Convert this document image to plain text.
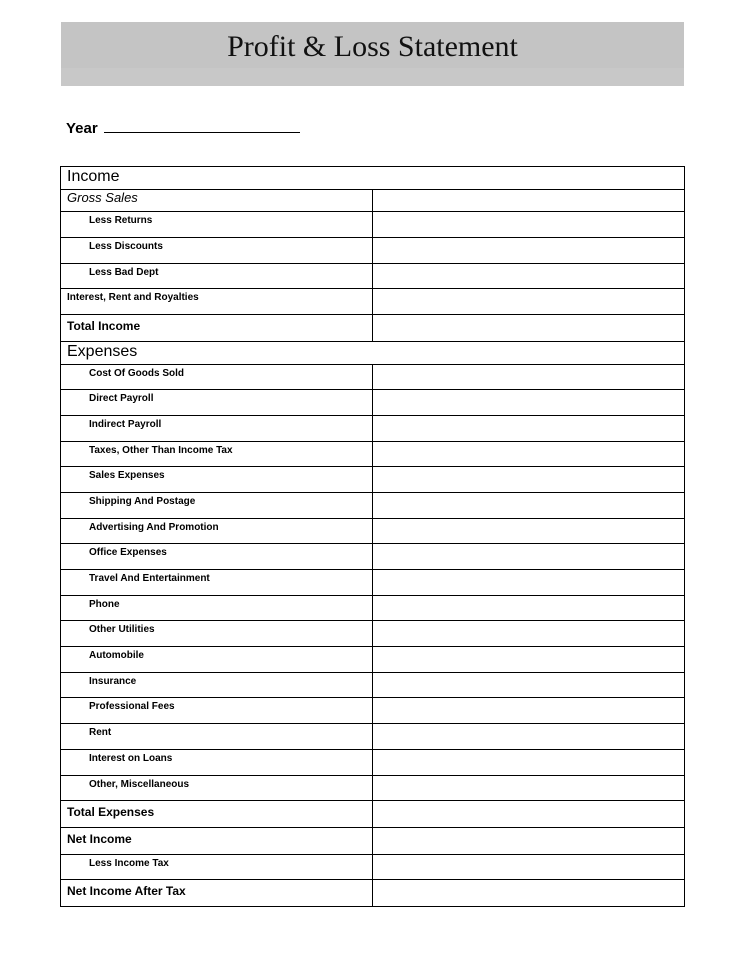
Profit & Loss Statement
Year
Income	
Gross Sales	
Less Returns	
Less Discounts	
Less Bad Dept	
Interest, Rent and Royalties	
Total Income	
Expenses	
Cost Of Goods Sold	
Direct Payroll	
Indirect Payroll	
Taxes, Other Than Income Tax	
Sales Expenses	
Shipping And Postage	
Advertising And Promotion	
Office Expenses	
Travel And Entertainment	
Phone	
Other Utilities	
Automobile	
Insurance	
Professional Fees	
Rent	
Interest on Loans	
Other, Miscellaneous	
Total Expenses	
Net Income	
Less Income Tax	
Net Income After Tax	
